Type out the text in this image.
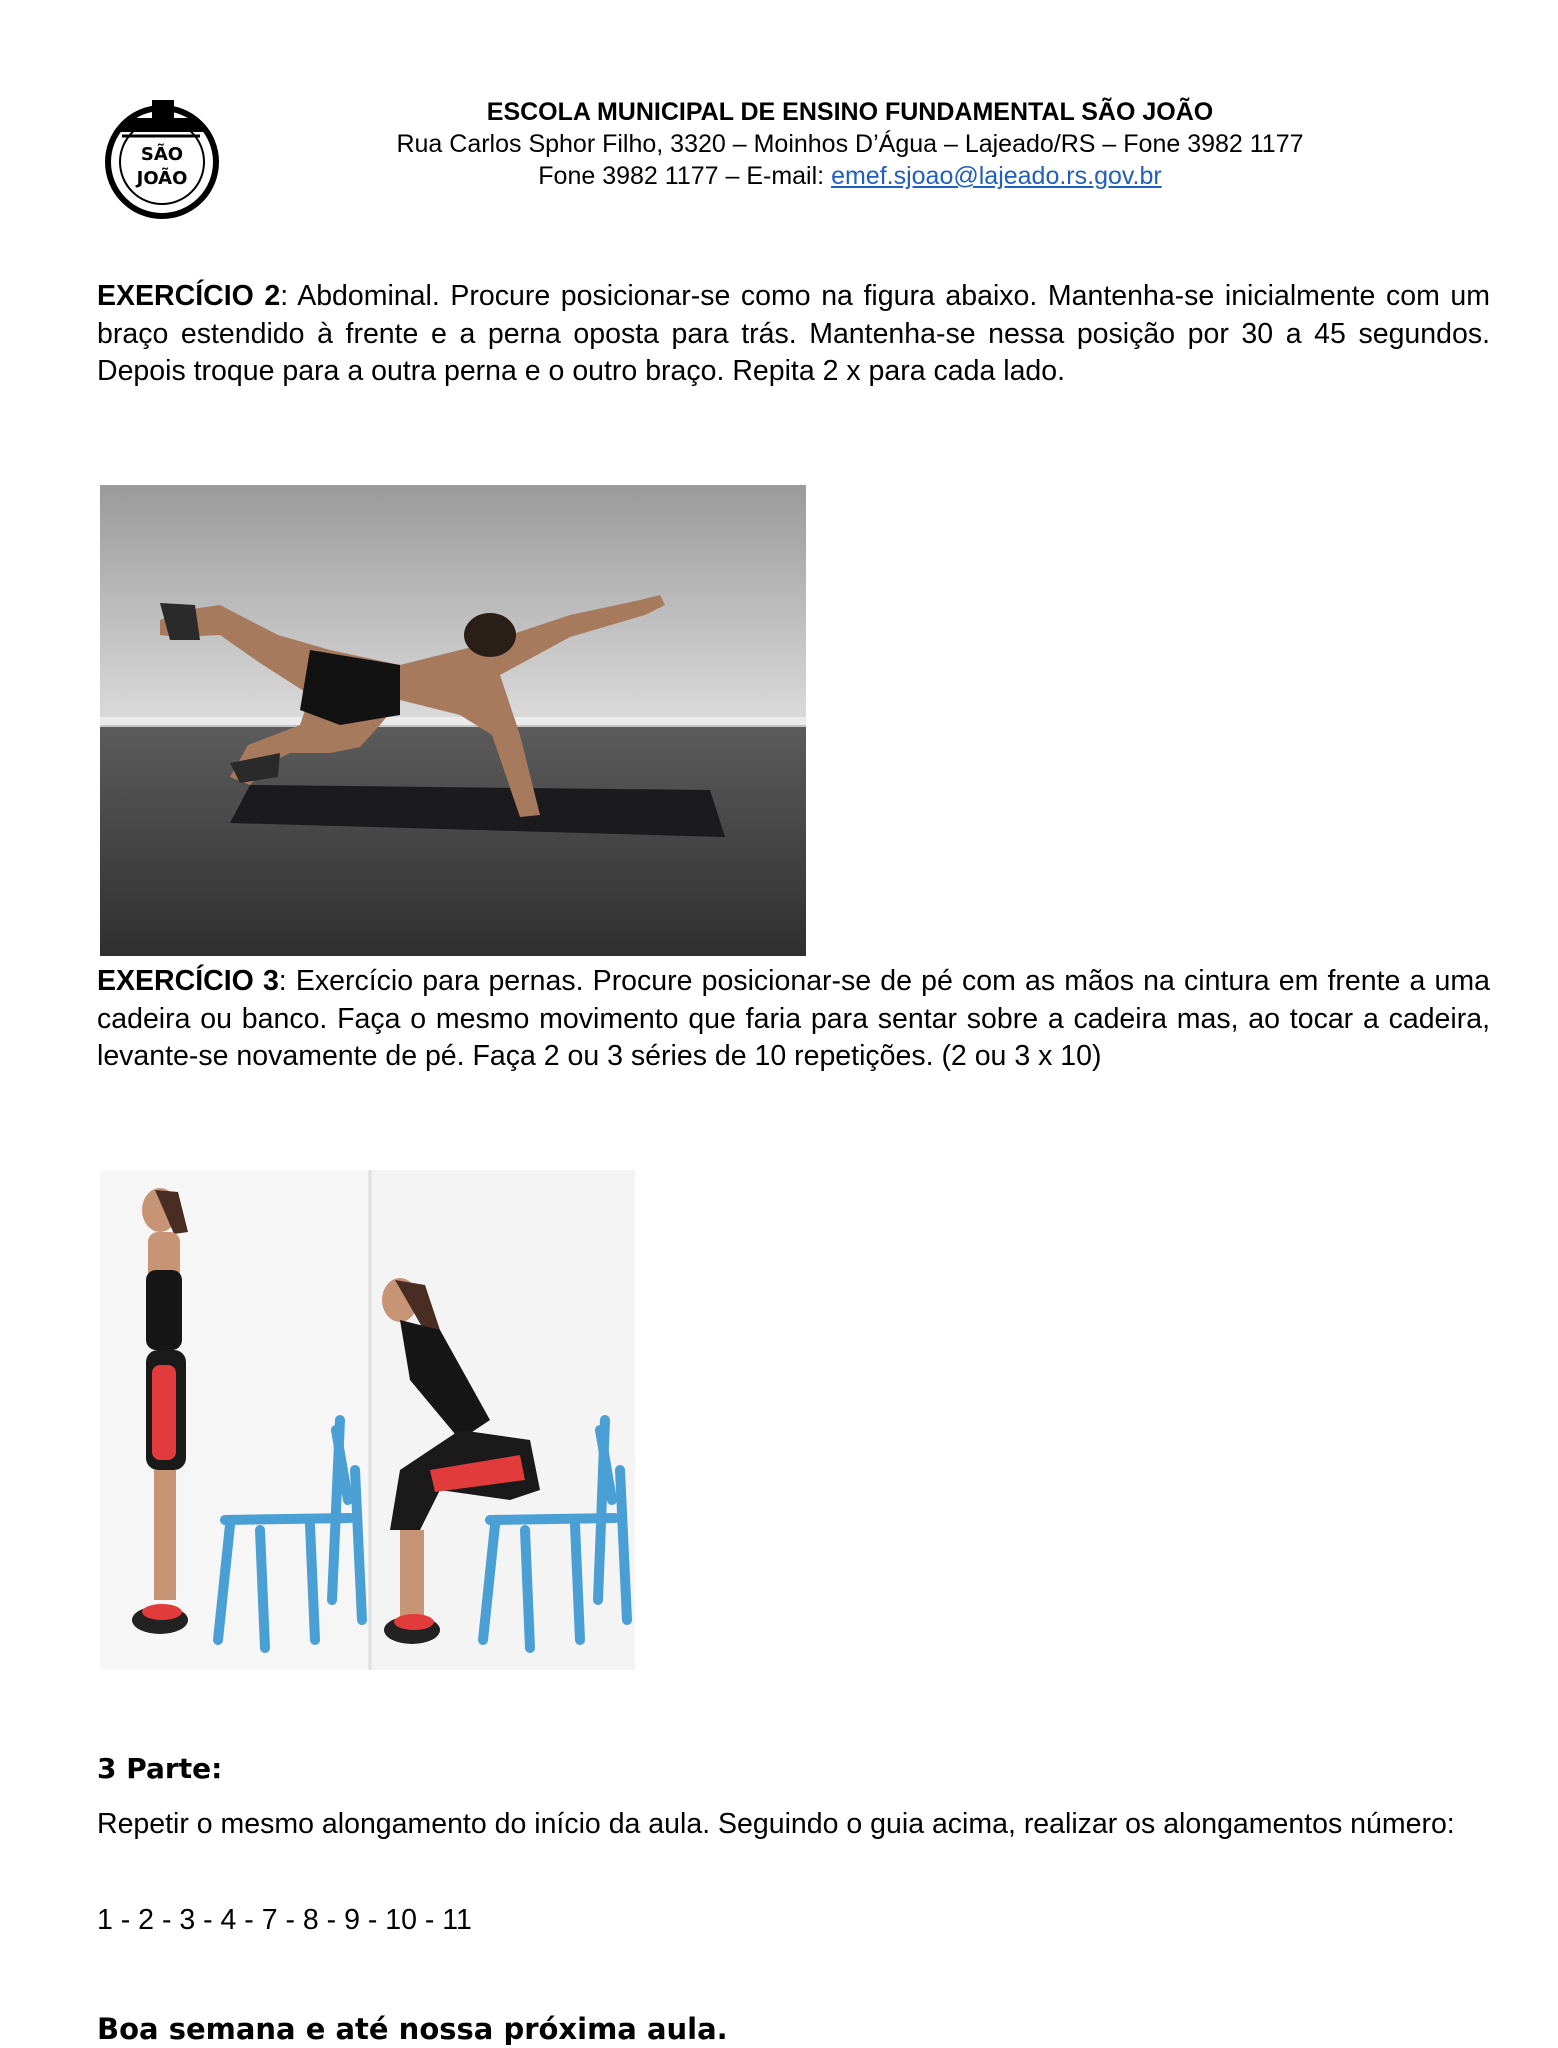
SÃO
JOÃO
ESCOLA MUNICIPAL DE ENSINO FUNDAMENTAL SÃO JOÃO
Rua Carlos Sphor Filho, 3320 – Moinhos D’Água – Lajeado/RS – Fone 3982 1177
Fone 3982 1177 – E-mail: emef.sjoao@lajeado.rs.gov.br
EXERCÍCIO 2: Abdominal. Procure posicionar-se como na figura abaixo. Mantenha-se inicialmente com um braço estendido à frente e a perna oposta para trás. Mantenha-se nessa posição por 30 a 45 segundos. Depois troque para a outra perna e o outro braço. Repita 2 x para cada lado.
EXERCÍCIO 3: Exercício para pernas. Procure posicionar-se de pé com as mãos na cintura em frente a uma cadeira ou banco. Faça o mesmo movimento que faria para sentar sobre a cadeira mas, ao tocar a cadeira, levante-se novamente de pé. Faça 2 ou 3 séries de 10 repetições. (2 ou 3 x 10)
3 Parte:
Repetir o mesmo alongamento do início da aula. Seguindo o guia acima, realizar os alongamentos número:
1 - 2 - 3 - 4 - 7 - 8 - 9 - 10 - 11
Boa semana e até nossa próxima aula.
